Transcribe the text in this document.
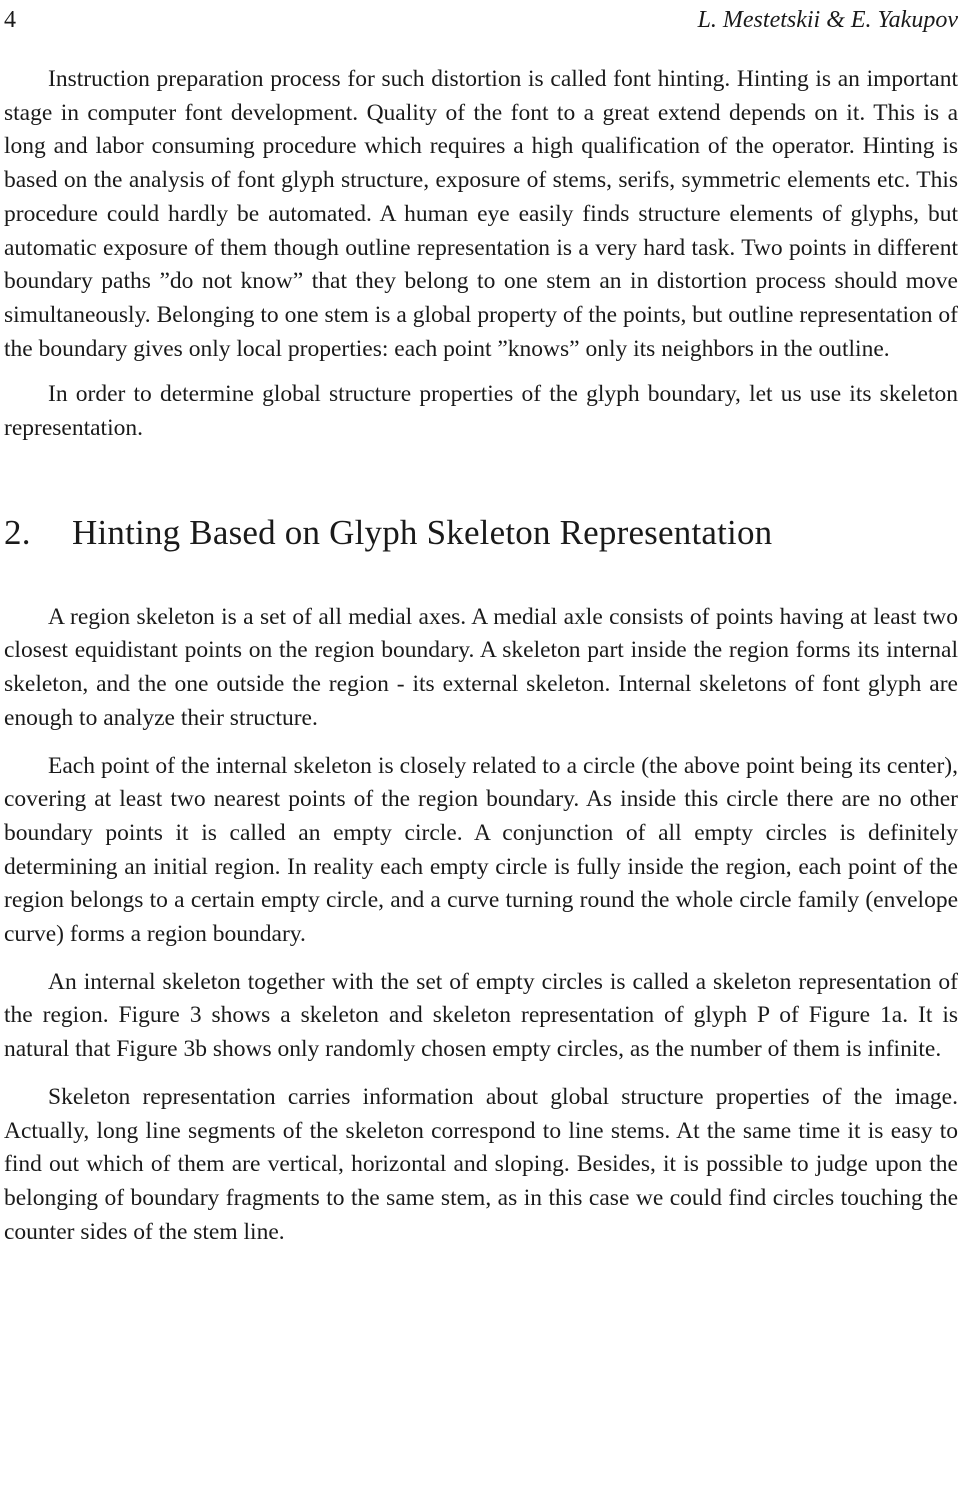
4	L. Mestetskii & E. Yakupov

Instruction preparation process for such distortion is called font hinting. Hinting is an important stage in computer font development. Quality of the font to a great extend depends on it. This is a long and labor consuming procedure which requires a high qualification of the operator. Hinting is based on the analysis of font glyph structure, exposure of stems, serifs, symmetric elements etc. This procedure could hardly be automated. A human eye easily finds structure elements of glyphs, but automatic exposure of them though outline representation is a very hard task. Two points in different boundary paths ”do not know” that they belong to one stem an in distortion process should move simultaneously. Belonging to one stem is a global property of the points, but outline representation of the boundary gives only local properties: each point ”knows” only its neighbors in the outline.

In order to determine global structure properties of the glyph boundary, let us use its skeleton representation.

2. Hinting Based on Glyph Skeleton Representation

A region skeleton is a set of all medial axes. A medial axle consists of points having at least two closest equidistant points on the region boundary. A skeleton part inside the region forms its internal skeleton, and the one outside the region - its external skeleton. Internal skeletons of font glyph are enough to analyze their structure.

Each point of the internal skeleton is closely related to a circle (the above point being its center), covering at least two nearest points of the region boundary. As inside this circle there are no other boundary points it is called an empty circle. A conjunction of all empty circles is definitely determining an initial region. In reality each empty circle is fully inside the region, each point of the region belongs to a certain empty circle, and a curve turning round the whole circle family (envelope curve) forms a region boundary.

An internal skeleton together with the set of empty circles is called a skeleton representation of the region. Figure 3 shows a skeleton and skeleton representation of glyph P of Figure 1a. It is natural that Figure 3b shows only randomly chosen empty circles, as the number of them is infinite.

Skeleton representation carries information about global structure properties of the image. Actually, long line segments of the skeleton correspond to line stems. At the same time it is easy to find out which of them are vertical, horizontal and sloping. Besides, it is possible to judge upon the belonging of boundary fragments to the same stem, as in this case we could find circles touching the counter sides of the stem line.
